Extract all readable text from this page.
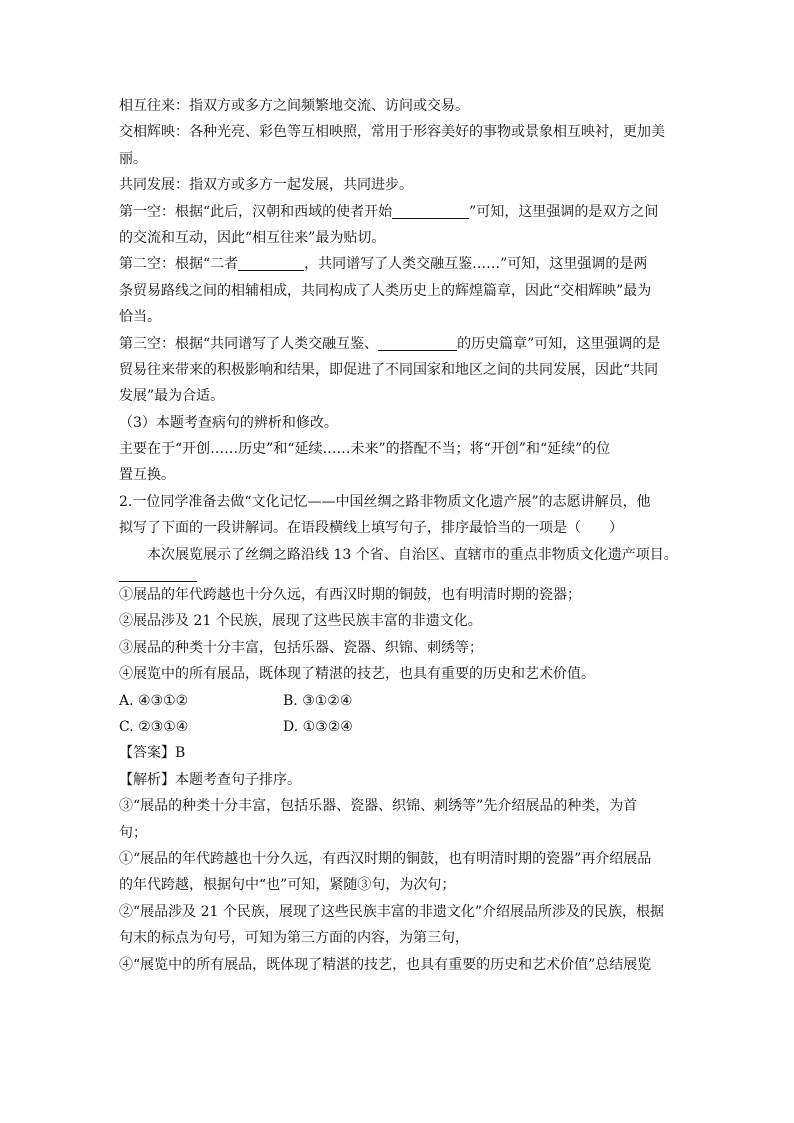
相互往来：指双方或多方之间频繁地交流、访问或交易。
交相辉映：各种光亮、彩色等互相映照，常用于形容美好的事物或景象相互映衬，更加美
丽。
共同发展：指双方或多方一起发展，共同进步。
第一空：根据“此后，汉朝和西域的使者开始	”可知，这里强调的是双方之间
的交流和互动，因此“相互往来”最为贴切。
第二空：根据“二者	，共同谱写了人类交融互鉴……”可知，这里强调的是两
条贸易路线之间的相辅相成，共同构成了人类历史上的辉煌篇章，因此“交相辉映”最为
恰当。
第三空：根据“共同谱写了人类交融互鉴、	的历史篇章”可知，这里强调的是
贸易往来带来的积极影响和结果，即促进了不同国家和地区之间的共同发展，因此“共同
发展”最为合适。
（3）本题考查病句的辨析和修改。
主要在于“开创……历史”和“延续……未来”的搭配不当；将“开创”和“延续”的位
置互换。
2.一位同学准备去做“文化记忆——中国丝绸之路非物质文化遗产展”的志愿讲解员，他
拟写了下面的一段讲解词。在语段横线上填写句子，排序最恰当的一项是（　　）
本次展览展示了丝绸之路沿线 13 个省、自治区、直辖市的重点非物质文化遗产项目。
①展品的年代跨越也十分久远，有西汉时期的铜鼓，也有明清时期的瓷器；
②展品涉及 21 个民族，展现了这些民族丰富的非遗文化。
③展品的种类十分丰富，包括乐器、瓷器、织锦、刺绣等；
④展览中的所有展品，既体现了精湛的技艺，也具有重要的历史和艺术价值。
A. ④③①②	B. ③①②④
C. ②③①④	D. ①③②④
【答案】B
【解析】本题考查句子排序。
③“展品的种类十分丰富，包括乐器、瓷器、织锦、刺绣等”先介绍展品的种类，为首
句；
①“展品的年代跨越也十分久远，有西汉时期的铜鼓，也有明清时期的瓷器”再介绍展品
的年代跨越，根据句中“也”可知，紧随③句，为次句；
②“展品涉及 21 个民族，展现了这些民族丰富的非遗文化”介绍展品所涉及的民族，根据
句末的标点为句号，可知为第三方面的内容，为第三句，
④“展览中的所有展品，既体现了精湛的技艺，也具有重要的历史和艺术价值”总结展览
